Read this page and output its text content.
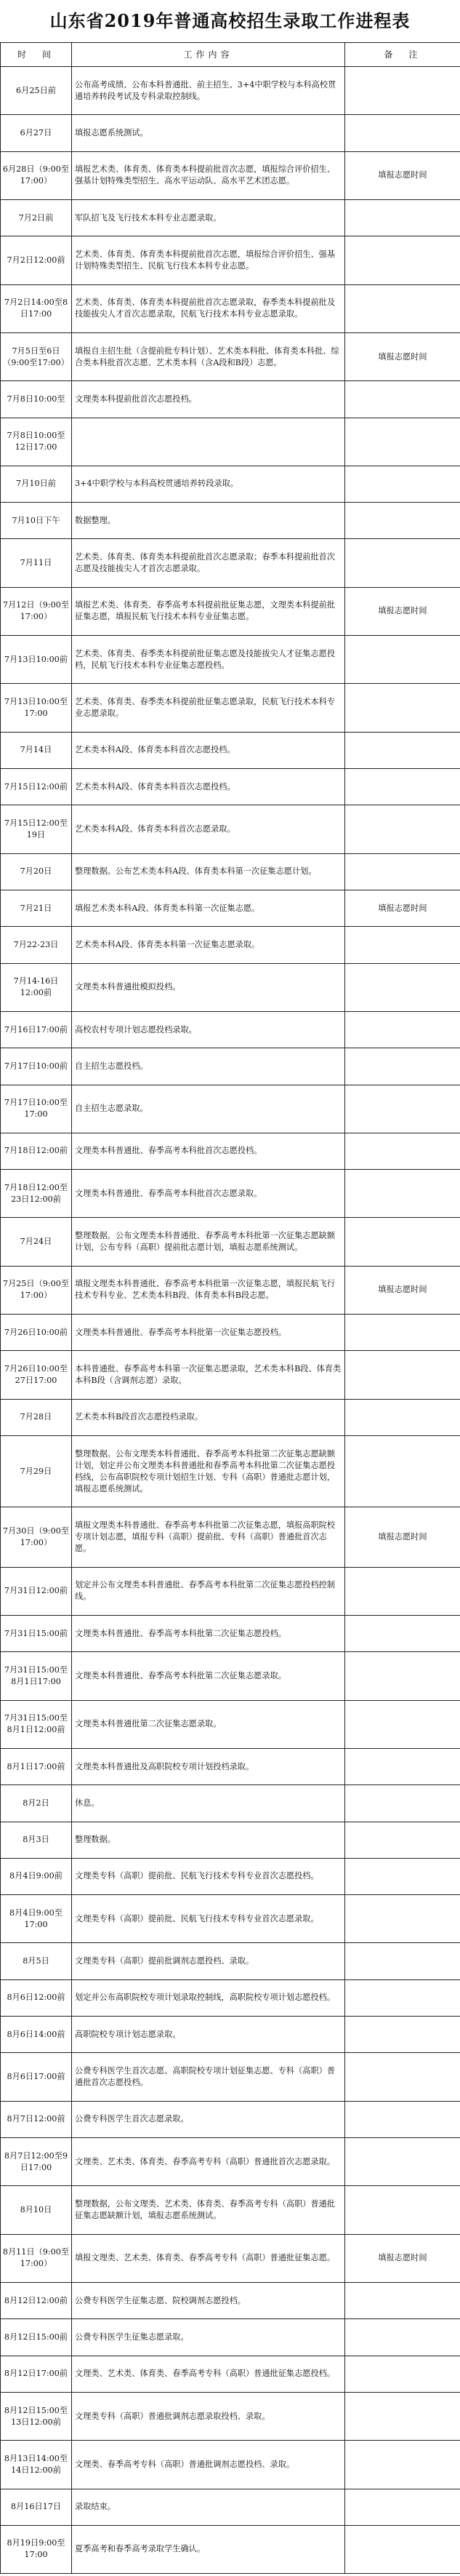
山东省2019年普通高校招生录取工作进程表
时　间	工作内容	备　注
6月25日前	公布高考成绩、公布本科普通批、前主招生、3+4中职学校与本科高校贯通培养转段考试及专科录取控制线。	
6月27日	填报志愿系统测试。	
6月28日（9:00至17:00）	填报艺术类、体育类、体育类本科提前批首次志愿，填报综合评价招生、强基计划特殊类型招生、高水平运动队、高水平艺术团志愿。	填报志愿时间
7月2日前	军队招飞及飞行技术本科专业志愿录取。	
7月2日12:00前	艺术类、体育类、体育类本科提前批首次志愿，填报综合评价招生、强基计划特殊类型招生、民航飞行技术本科专业志愿。	
7月2日14:00至8日17:00	艺术类、体育类、体育类本科提前批首次志愿录取，春季类本科提前批及技能拔尖人才首次志愿录取，民航飞行技术本科专业志愿录取。	
7月5日至6日（9:00至17:00）	填报自主招生批（含提前批专科计划）、艺术类本科批、体育类本科批、综合类本科批首次志愿、艺术类本科（含A段和B段）志愿。	填报志愿时间
7月8日10:00至	文理类本科提前批首次志愿投档。	
7月8日10:00至12日17:00		
7月10日前	3+4中职学校与本科高校贯通培养转段录取。	
7月10日下午	数据整理。	
7月11日	艺术类、体育类、体育类本科提前批首次志愿录取；春季本科提前批首次志愿及技能拔尖人才首次志愿录取。	
7月12日（9:00至17:00）	填报艺术类、体育类、春季高考本科提前批征集志愿，文理类本科提前批征集志愿，填报民航飞行技术本科专业征集志愿。	填报志愿时间
7月13日10:00前	艺术类、体育类、春季类本科提前批征集志愿及技能拔尖人才征集志愿投档，民航飞行技术本科专业征集志愿投档。	
7月13日10:00至17:00	艺术类、体育类、春季类本科提前批征集志愿录取，民航飞行技术本科专业志愿录取。	
7月14日	艺术类本科A段、体育类本科首次志愿投档。	
7月15日12:00前	艺术类本科A段、体育类本科首次志愿投档。	
7月15日12:00至19日	艺术类本科A段、体育类本科首次志愿录取。	
7月20日	整理数据。公布艺术类本科A段、体育类本科第一次征集志愿计划。	
7月21日	填报艺术类本科A段、体育类本科第一次征集志愿。	填报志愿时间
7月22-23日	艺术类本科A段、体育类本科第一次征集志愿录取。	
7月14-16日12:00前	文理类本科普通批模拟投档。	
7月16日17:00前	高校农村专项计划志愿投档录取。	
7月17日10:00前	自主招生志愿投档。	
7月17日10:00至17:00	自主招生志愿录取。	
7月18日12:00前	文理类本科普通批、春季高考本科批首次志愿投档。	
7月18日12:00至23日12:00前	文理类本科普通批、春季高考本科批首次志愿录取。	
7月24日	整理数据。公布文理类本科普通批、春季高考本科批第一次征集志愿缺额计划，公布专科（高职）提前批志愿计划，填报志愿系统测试。	
7月25日（9:00至17:00）	填报文理类本科普通批、春季高考本科批第一次征集志愿，填报民航飞行技术专科专业、艺术类本科B段、体育类本科B段志愿。	填报志愿时间
7月26日10:00前	文理类本科普通批、春季高考本科批第一次征集志愿投档。	
7月26日10:00至27日17:00	本科普通批、春季高考本科第一次征集志愿录取，艺术类本科B段、体育类本科B段（含调剂志愿）录取。	
7月28日	艺术类本科B段首次志愿投档录取。	
7月29日	整理数据。公布文理类本科普通批、春季高考本科批第二次征集志愿缺额计划，划定并公布文理类本科普通批和春季高考本科批第二次征集志愿投档线，公布高职院校专项计划招生计划、专科（高职）普通批志愿计划，填报志愿系统测试。	
7月30日（9:00至17:00）	填报文理类本科普通批、春季高考本科批第二次征集志愿，填报高职院校专项计划志愿，填报专科（高职）提前批、专科（高职）普通批首次志愿。	填报志愿时间
7月31日12:00前	划定并公布文理类本科普通批、春季高考本科批第二次征集志愿投档控制线。	
7月31日15:00前	文理类本科普通批、春季高考本科批第二次征集志愿投档。	
7月31日15:00至8月1日17:00	文理类本科普通批、春季高考本科批第二次征集志愿录取。	
7月31日15:00至8月1日12:00前	文理类本科普通批第二次征集志愿录取。	
8月1日17:00前	文理类本科普通批及高职院校专项计划投档录取。	
8月2日	休息。	
8月3日	整理数据。	
8月4日9:00前	文理类专科（高职）提前批、民航飞行技术专科专业首次志愿投档。	
8月4日9:00至17:00	文理类专科（高职）提前批、民航飞行技术专科专业首次志愿录取。	
8月5日	文理类专科（高职）提前批调剂志愿投档、录取。	
8月6日12:00前	划定并公布高职院校专项计划录取控制线，高职院校专项计划志愿投档。	
8月6日14:00前	高职院校专项计划志愿录取。	
8月6日17:00前	公费专科医学生首次志愿、高职院校专项计划征集志愿、专科（高职）普通批首次志愿投档。	
8月7日12:00前	公费专科医学生首次志愿录取。	
8月7日12:00至9日17:00	文理类、艺术类、体育类、春季高考专科（高职）普通批首次志愿录取。	
8月10日	整理数据，公布文理类、艺术类、体育类、春季高考专科（高职）普通批征集志愿缺额计划，填报志愿系统测试。	
8月11日（9:00至17:00）	填报文理类、艺术类、体育类、春季高考专科（高职）普通批征集志愿。	填报志愿时间
8月12日12:00前	公费专科医学生征集志愿、院校调剂志愿投档。	
8月12日15:00前	公费专科医学生征集志愿录取。	
8月12日17:00前	文理类、艺术类、体育类、春季高考专科（高职）普通批征集志愿投档。	
8月12日15:00至13日12:00前	文理类专科（高职）普通批调剂志愿录取投档、录取。	
8月13日14:00至14日12:00前	文理类、春季高考专科（高职）普通批调剂志愿投档、录取。	
8月16日17日	录取结束。	
8月19日9:00至17:00	夏季高考和春季高考录取学生确认。	
